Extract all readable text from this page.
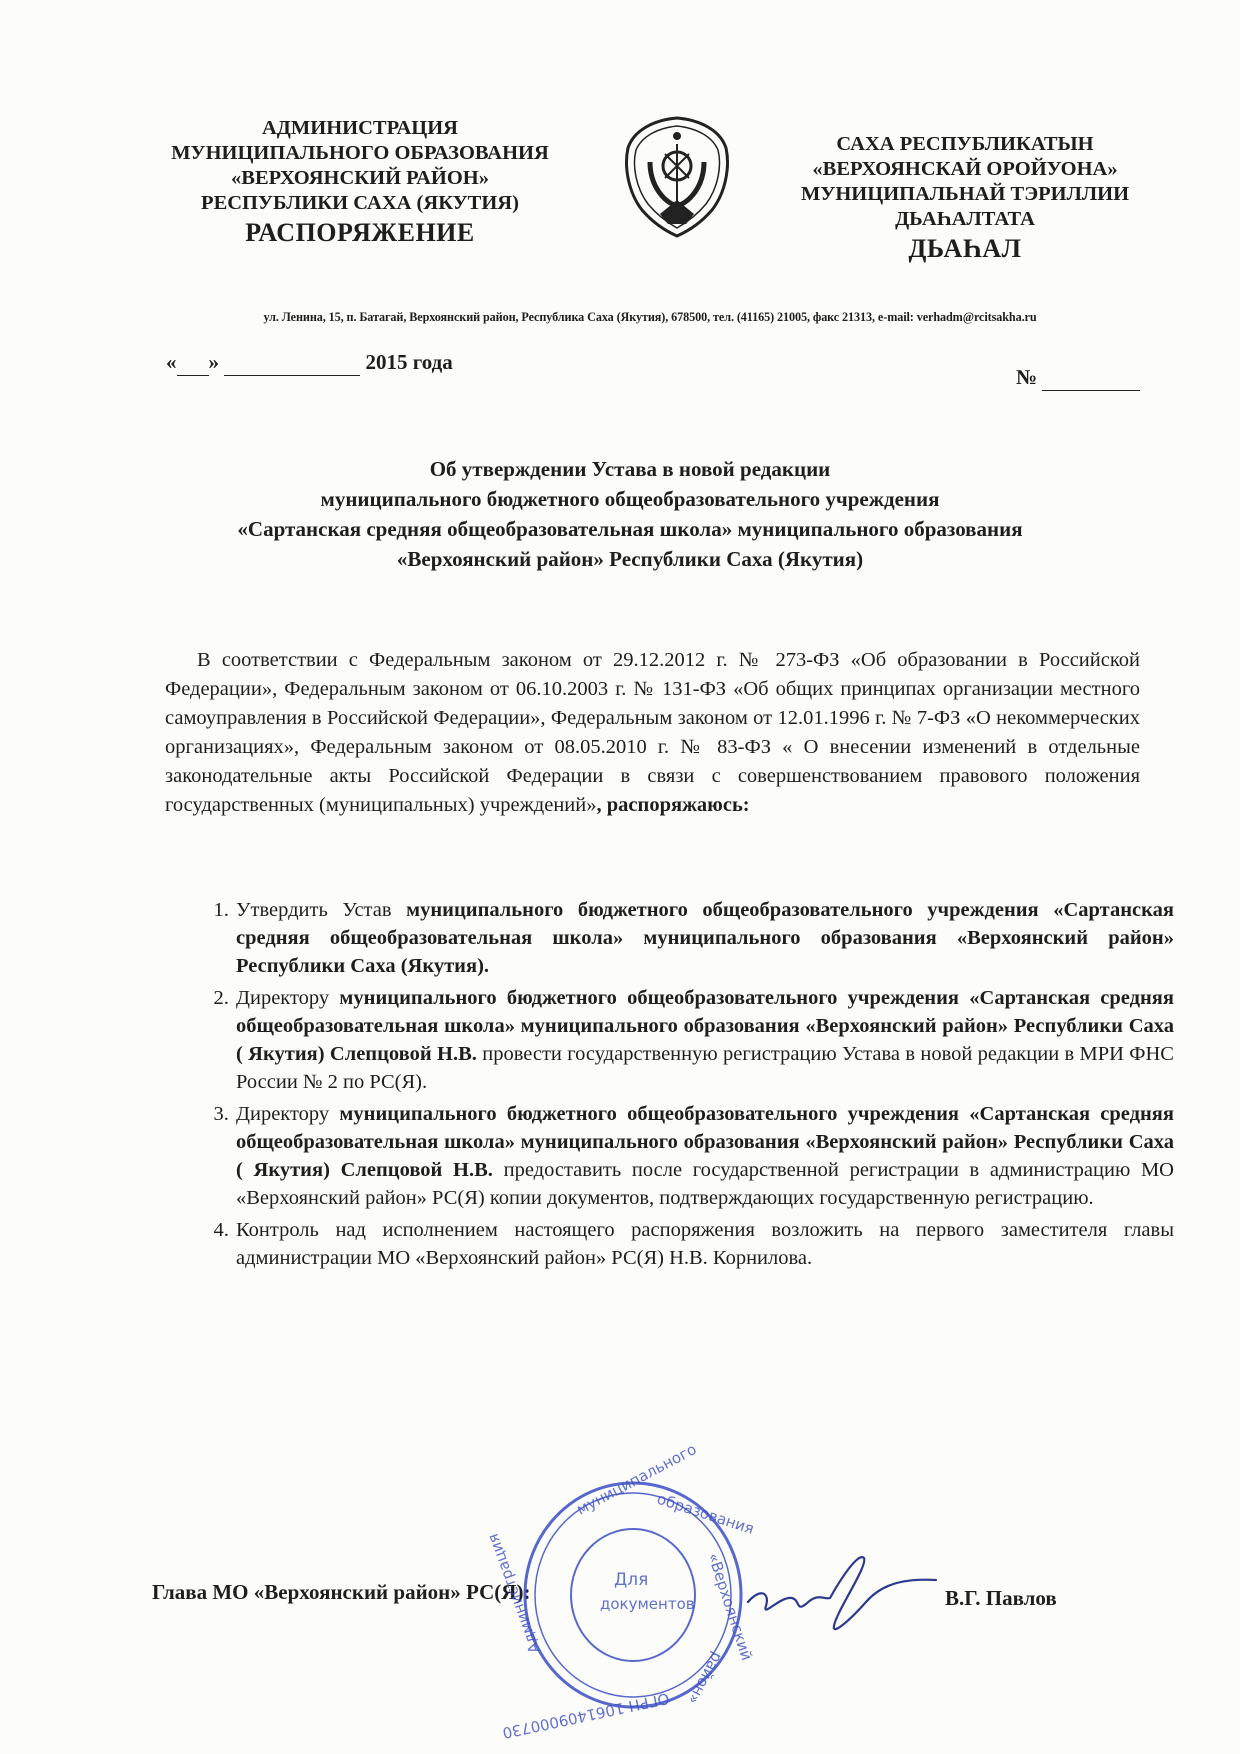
АДМИНИСТРАЦИЯ
МУНИЦИПАЛЬНОГО ОБРАЗОВАНИЯ
«ВЕРХОЯНСКИЙ РАЙОН»
РЕСПУБЛИКИ САХА (ЯКУТИЯ)
РАСПОРЯЖЕНИЕ
САХА РЕСПУБЛИКАТЫН
«ВЕРХОЯНСКАЙ ОРОЙУОНА»
МУНИЦИПАЛЬНАЙ ТЭРИЛЛИИ
ДЬАҺАЛТАТА
ДЬАҺАЛ
ул. Ленина, 15, п. Батагай, Верхоянский район, Республика Саха (Якутия), 678500, тел. (41165) 21005, факс 21313, e-mail: verhadm@rcitsakha.ru
« »	2015 года
№
Об утверждении Устава в новой редакции
муниципального бюджетного общеобразовательного учреждения
«Сартанская средняя общеобразовательная школа» муниципального образования
«Верхоянский район» Республики Саха (Якутия)
В соответствии с Федеральным законом от 29.12.2012 г. № 273-ФЗ «Об образовании в Российской Федерации», Федеральным законом от 06.10.2003 г. № 131-ФЗ «Об общих принципах организации местного самоуправления в Российской Федерации», Федеральным законом от 12.01.1996 г. № 7-ФЗ «О некоммерческих организациях», Федеральным законом от 08.05.2010 г. № 83-ФЗ « О внесении изменений в отдельные законодательные акты Российской Федерации в связи с совершенствованием правового положения государственных (муниципальных) учреждений», распоряжаюсь:
1. Утвердить Устав муниципального бюджетного общеобразовательного учреждения «Сартанская средняя общеобразовательная школа» муниципального образования «Верхоянский район» Республики Саха (Якутия).
2. Директору муниципального бюджетного общеобразовательного учреждения «Сартанская средняя общеобразовательная школа» муниципального образования «Верхоянский район» Республики Саха ( Якутия) Слепцовой Н.В. провести государственную регистрацию Устава в новой редакции в МРИ ФНС России № 2 по РС(Я).
3. Директору муниципального бюджетного общеобразовательного учреждения «Сартанская средняя общеобразовательная школа» муниципального образования «Верхоянский район» Республики Саха ( Якутия) Слепцовой Н.В. предоставить после государственной регистрации в администрацию МО «Верхоянский район» РС(Я) копии документов, подтверждающих государственную регистрацию.
4. Контроль над исполнением настоящего распоряжения возложить на первого заместителя главы администрации МО «Верхоянский район» РС(Я) Н.В. Корнилова.
Глава МО «Верхоянский район» РС(Я):	В.Г. Павлов
муниципального
образования
«Верхоянский
район»
ОГРН 1061409000730
Администрация	Для
документов
